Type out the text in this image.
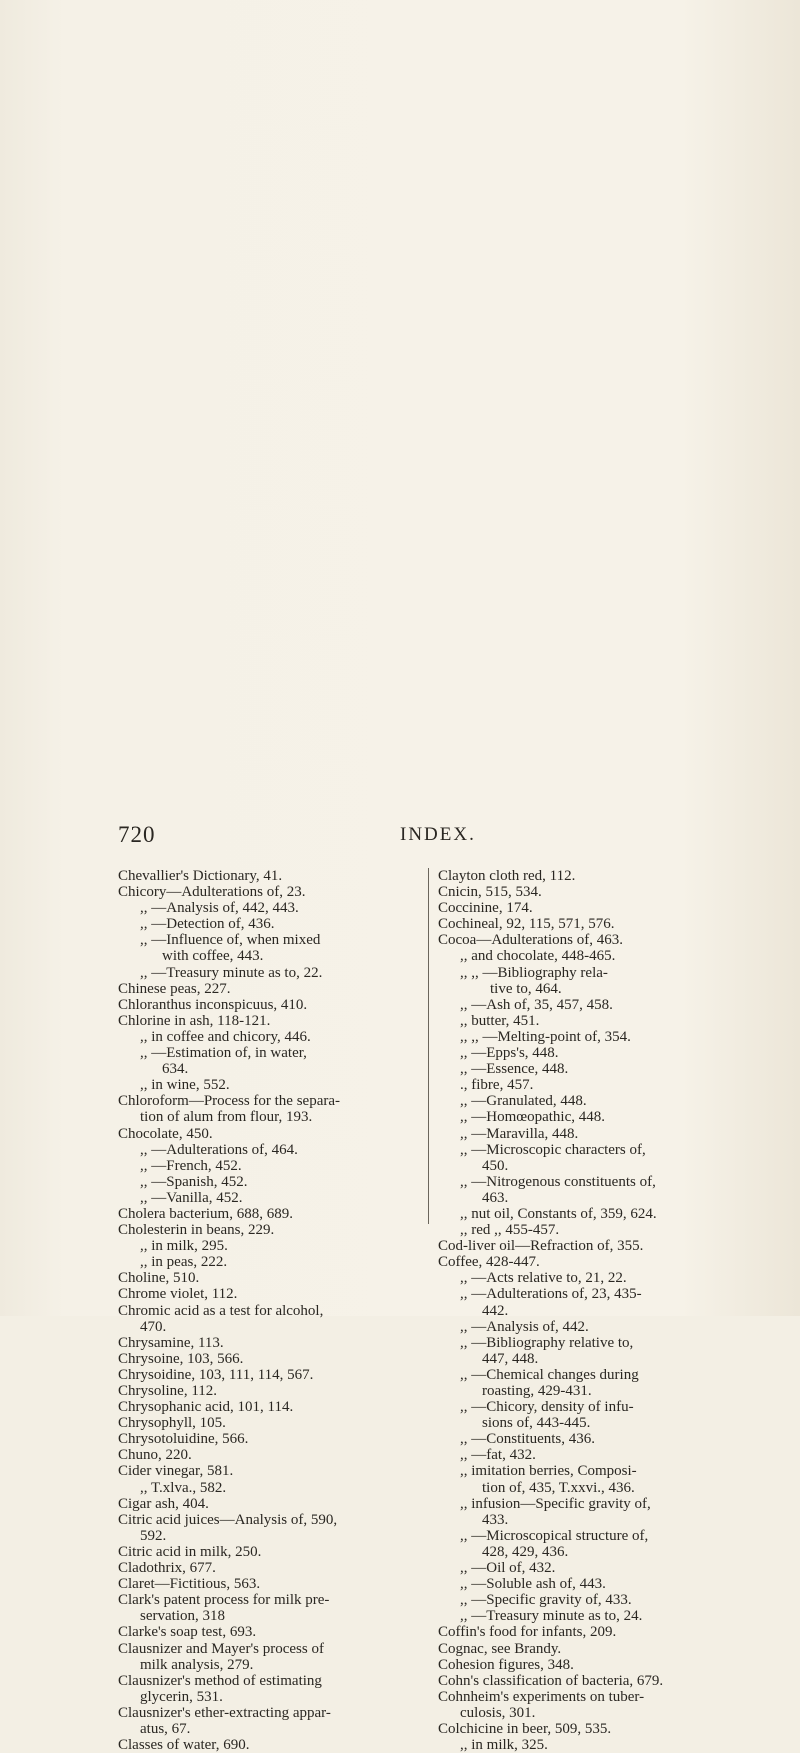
720	INDEX.
Chevallier's Dictionary, 41.
Chicory—Adulterations of, 23.
,, —Analysis of, 442, 443.
,, —Detection of, 436.
,, —Influence of, when mixed
with coffee, 443.
,, —Treasury minute as to, 22.
Chinese peas, 227.
Chloranthus inconspicuus, 410.
Chlorine in ash, 118-121.
,, in coffee and chicory, 446.
,, —Estimation of, in water,
634.
,, in wine, 552.
Chloroform—Process for the separa-
tion of alum from flour, 193.
Chocolate, 450.
,, —Adulterations of, 464.
,, —French, 452.
,, —Spanish, 452.
,, —Vanilla, 452.
Cholera bacterium, 688, 689.
Cholesterin in beans, 229.
,, in milk, 295.
,, in peas, 222.
Choline, 510.
Chrome violet, 112.
Chromic acid as a test for alcohol,
470.
Chrysamine, 113.
Chrysoine, 103, 566.
Chrysoidine, 103, 111, 114, 567.
Chrysoline, 112.
Chrysophanic acid, 101, 114.
Chrysophyll, 105.
Chrysotoluidine, 566.
Chuno, 220.
Cider vinegar, 581.
,, T.xlva., 582.
Cigar ash, 404.
Citric acid juices—Analysis of, 590,
592.
Citric acid in milk, 250.
Cladothrix, 677.
Claret—Fictitious, 563.
Clark's patent process for milk pre-
servation, 318
Clarke's soap test, 693.
Clausnizer and Mayer's process of
milk analysis, 279.
Clausnizer's method of estimating
glycerin, 531.
Clausnizer's ether-extracting appar-
atus, 67.
Classes of water, 690.
Clayton cloth red, 112.
Cnicin, 515, 534.
Coccinine, 174.
Cochineal, 92, 115, 571, 576.
Cocoa—Adulterations of, 463.
,, and chocolate, 448-465.
,, ,, —Bibliography rela-
tive to, 464.
,, —Ash of, 35, 457, 458.
,, butter, 451.
,, ,, —Melting-point of, 354.
,, —Epps's, 448.
,, —Essence, 448.
., fibre, 457.
,, —Granulated, 448.
,, —Homœopathic, 448.
,, —Maravilla, 448.
,, —Microscopic characters of,
450.
,, —Nitrogenous constituents of,
463.
,, nut oil, Constants of, 359, 624.
,, red ,, 455-457.
Cod-liver oil—Refraction of, 355.
Coffee, 428-447.
,, —Acts relative to, 21, 22.
,, —Adulterations of, 23, 435-
442.
,, —Analysis of, 442.
,, —Bibliography relative to,
447, 448.
,, —Chemical changes during
roasting, 429-431.
,, —Chicory, density of infu-
sions of, 443-445.
,, —Constituents, 436.
,, —fat, 432.
,, imitation berries, Composi-
tion of, 435, T.xxvi., 436.
,, infusion—Specific gravity of,
433.
,, —Microscopical structure of,
428, 429, 436.
,, —Oil of, 432.
,, —Soluble ash of, 443.
,, —Specific gravity of, 433.
,, —Treasury minute as to, 24.
Coffin's food for infants, 209.
Cognac, see Brandy.
Cohesion figures, 348.
Cohn's classification of bacteria, 679.
Cohnheim's experiments on tuber-
culosis, 301.
Colchicine in beer, 509, 535.
,, in milk, 325.
